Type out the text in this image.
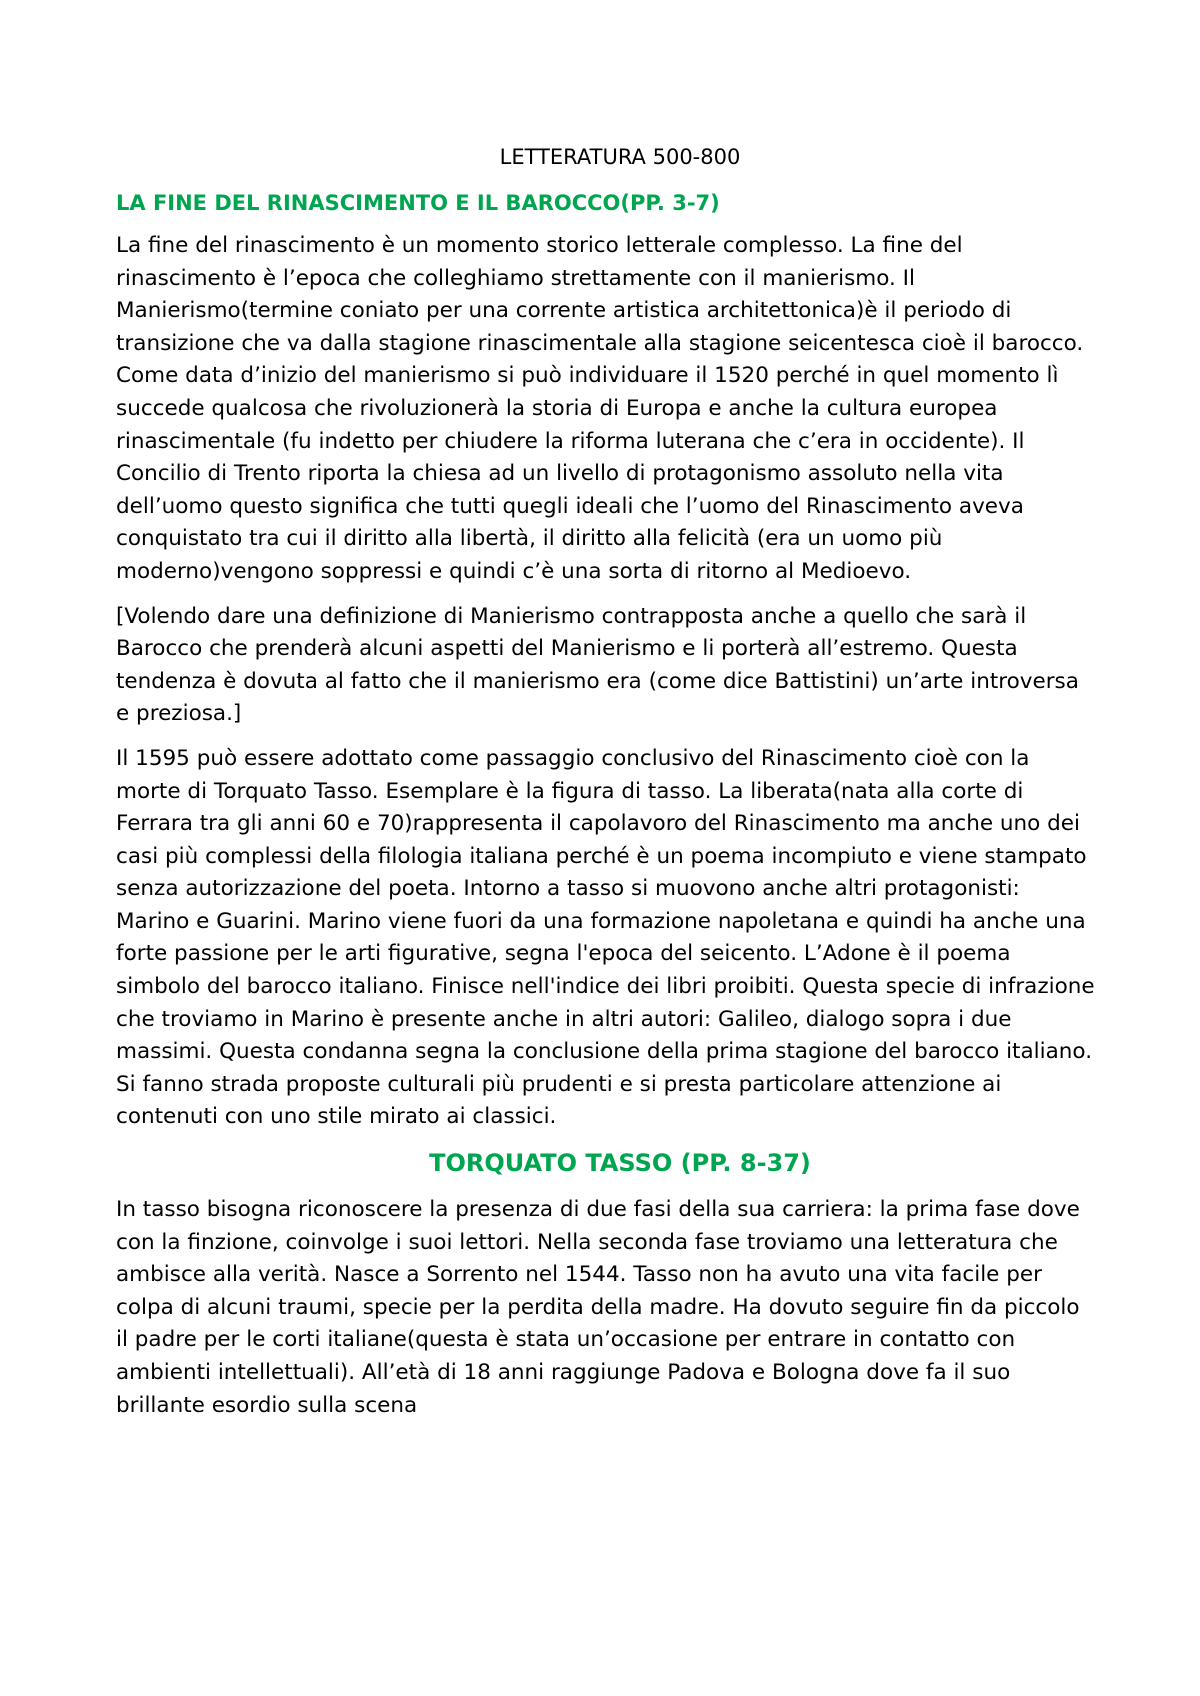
LETTERATURA 500-800
LA FINE DEL RINASCIMENTO E IL BAROCCO(PP. 3-7)

La fine del rinascimento è un momento storico letterale complesso. La fine del rinascimento è l’epoca che colleghiamo strettamente con il manierismo. Il Manierismo(termine coniato per una corrente artistica architettonica)è il periodo di transizione che va dalla stagione rinascimentale alla stagione seicentesca cioè il barocco. Come data d’inizio del manierismo si può individuare il 1520 perché in quel momento lì succede qualcosa che rivoluzionerà la storia di Europa e anche la cultura europea rinascimentale (fu indetto per chiudere la riforma luterana che c’era in occidente). Il Concilio di Trento riporta la chiesa ad un livello di protagonismo assoluto nella vita dell’uomo questo significa che tutti quegli ideali che l’uomo del Rinascimento aveva conquistato tra cui il diritto alla libertà, il diritto alla felicità (era un uomo più moderno)vengono soppressi e quindi c’è una sorta di ritorno al Medioevo.

[Volendo dare una definizione di Manierismo contrapposta anche a quello che sarà il Barocco che prenderà alcuni aspetti del Manierismo e li porterà all’estremo. Questa tendenza è dovuta al fatto che il manierismo era (come dice Battistini) un’arte introversa e preziosa.]

Il 1595 può essere adottato come passaggio conclusivo del Rinascimento cioè con la morte di Torquato Tasso. Esemplare è la figura di tasso. La liberata(nata alla corte di Ferrara tra gli anni 60 e 70)rappresenta il capolavoro del Rinascimento ma anche uno dei casi più complessi della filologia italiana perché è un poema incompiuto e viene stampato senza autorizzazione del poeta. Intorno a tasso si muovono anche altri protagonisti: Marino e Guarini. Marino viene fuori da una formazione napoletana e quindi ha anche una forte passione per le arti figurative, segna l'epoca del seicento. L’Adone è il poema simbolo del barocco italiano. Finisce nell'indice dei libri proibiti. Questa specie di infrazione che troviamo in Marino è presente anche in altri autori: Galileo, dialogo sopra i due massimi. Questa condanna segna la conclusione della prima stagione del barocco italiano. Si fanno strada proposte culturali più prudenti e si presta particolare attenzione ai contenuti con uno stile mirato ai classici.

TORQUATO TASSO (PP. 8-37)

In tasso bisogna riconoscere la presenza di due fasi della sua carriera: la prima fase dove con la finzione, coinvolge i suoi lettori. Nella seconda fase troviamo una letteratura che ambisce alla verità. Nasce a Sorrento nel 1544. Tasso non ha avuto una vita facile per colpa di alcuni traumi, specie per la perdita della madre. Ha dovuto seguire fin da piccolo il padre per le corti italiane(questa è stata un’occasione per entrare in contatto con ambienti intellettuali). All’età di 18 anni raggiunge Padova e Bologna dove fa il suo brillante esordio sulla scena
